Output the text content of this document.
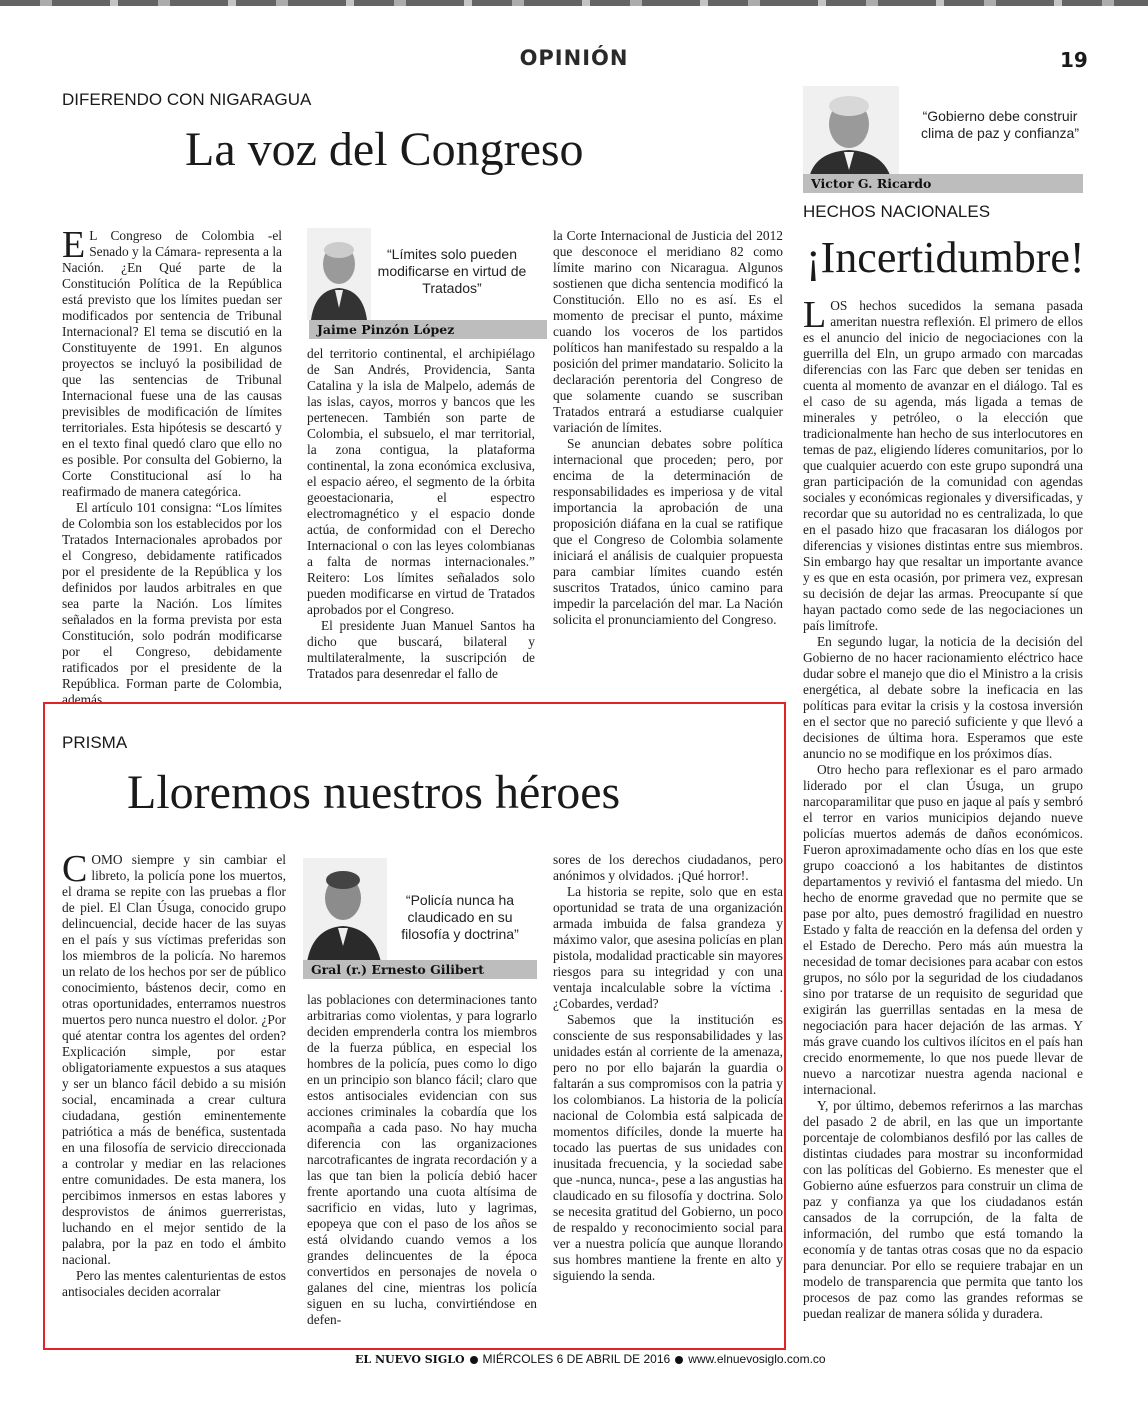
OPINIÓN	19
DIFERENDO CON NIGARAGUA
La voz del Congreso

E L Congreso de Colombia -el Senado y la Cámara- representa a la Nación. ¿En Qué parte de la Constitución Política de la República está previsto que los límites puedan ser modificados por sentencia de Tribunal Internacional? El tema se discutió en la Constituyente de 1991. En algunos proyectos se incluyó la posibilidad de que las sentencias de Tribunal Internacional fuese una de las causas previsibles de modificación de límites territoriales. Esta hipótesis se descartó y en el texto final quedó claro que ello no es posible. Por consulta del Gobierno, la Corte Constitucional así lo ha reafirmado de manera categórica.

El artículo 101 consigna: “Los límites de Colombia son los establecidos por los Tratados Internacionales aprobados por el Congreso, debidamente ratificados por el presidente de la República y los definidos por laudos arbitrales en que sea parte la Nación. Los límites señalados en la forma prevista por esta Constitución, solo podrán modificarse por el Congreso, debidamente ratificados por el presidente de la República. Forman parte de Colombia, además

“Límites solo pueden modificarse en virtud de Tratados”
Jaime Pinzón López

del territorio continental, el archipiélago de San Andrés, Providencia, Santa Catalina y la isla de Malpelo, además de las islas, cayos, morros y bancos que les pertenecen. También son parte de Colombia, el subsuelo, el mar territorial, la zona contigua, la plataforma continental, la zona económica exclusiva, el espacio aéreo, el segmento de la órbita geoestacionaria, el espectro electromagnético y el espacio donde actúa, de conformidad con el Derecho Internacional o con las leyes colombianas a falta de normas internacionales.” Reitero: Los límites señalados solo pueden modificarse en virtud de Tratados aprobados por el Congreso.

El presidente Juan Manuel Santos ha dicho que buscará, bilateral y multilateralmente, la suscripción de Tratados para desenredar el fallo de

la Corte Internacional de Justicia del 2012 que desconoce el meridiano 82 como límite marino con Nicaragua. Algunos sostienen que dicha sentencia modificó la Constitución. Ello no es así. Es el momento de precisar el punto, máxime cuando los voceros de los partidos políticos han manifestado su respaldo a la posición del primer mandatario. Solicito la declaración perentoria del Congreso de que solamente cuando se suscriban Tratados entrará a estudiarse cualquier variación de límites.

Se anuncian debates sobre política internacional que proceden; pero, por encima de la determinación de responsabilidades es imperiosa y de vital importancia la aprobación de una proposición diáfana en la cual se ratifique que el Congreso de Colombia solamente iniciará el análisis de cualquier propuesta para cambiar límites cuando estén suscritos Tratados, único camino para impedir la parcelación del mar. La Nación solicita el pronunciamiento del Congreso.

“Gobierno debe construir clima de paz y confianza”
Victor G. Ricardo
HECHOS NACIONALES
¡Incertidumbre!

LOS hechos sucedidos la semana pasada ameritan nuestra reflexión. El primero de ellos es el anuncio del inicio de negociaciones con la guerrilla del Eln, un grupo armado con marcadas diferencias con las Farc que deben ser tenidas en cuenta al momento de avanzar en el diálogo. Tal es el caso de su agenda, más ligada a temas de minerales y petróleo, o la elección que tradicionalmente han hecho de sus interlocutores en temas de paz, eligiendo líderes comunitarios, por lo que cualquier acuerdo con este grupo supondrá una gran participación de la comunidad con agendas sociales y económicas regionales y diversificadas, y recordar que su autoridad no es centralizada, lo que en el pasado hizo que fracasaran los diálogos por diferencias y visiones distintas entre sus miembros. Sin embargo hay que resaltar un importante avance y es que en esta ocasión, por primera vez, expresan su decisión de dejar las armas. Preocupante sí que hayan pactado como sede de las negociaciones un país limítrofe.

En segundo lugar, la noticia de la decisión del Gobierno de no hacer racionamiento eléctrico hace dudar sobre el manejo que dio el Ministro a la crisis energética, al debate sobre la ineficacia en las políticas para evitar la crisis y la costosa inversión en el sector que no pareció suficiente y que llevó a decisiones de última hora. Esperamos que este anuncio no se modifique en los próximos días.

Otro hecho para reflexionar es el paro armado liderado por el clan Úsuga, un grupo narcoparamilitar que puso en jaque al país y sembró el terror en varios municipios dejando nueve policías muertos además de daños económicos. Fueron aproximadamente ocho días en los que este grupo coaccionó a los habitantes de distintos departamentos y revivió el fantasma del miedo. Un hecho de enorme gravedad que no permite que se pase por alto, pues demostró fragilidad en nuestro Estado y falta de reacción en la defensa del orden y el Estado de Derecho. Pero más aún muestra la necesidad de tomar decisiones para acabar con estos grupos, no sólo por la seguridad de los ciudadanos sino por tratarse de un requisito de seguridad que exigirán las guerrillas sentadas en la mesa de negociación para hacer dejación de las armas. Y más grave cuando los cultivos ilícitos en el país han crecido enormemente, lo que nos puede llevar de nuevo a narcotizar nuestra agenda nacional e internacional.

Y, por último, debemos referirnos a las marchas del pasado 2 de abril, en las que un importante porcentaje de colombianos desfiló por las calles de distintas ciudades para mostrar su inconformidad con las políticas del Gobierno. Es menester que el Gobierno aúne esfuerzos para construir un clima de paz y confianza ya que los ciudadanos están cansados de la corrupción, de la falta de información, del rumbo que está tomando la economía y de tantas otras cosas que no da espacio para denunciar. Por ello se requiere trabajar en un modelo de transparencia que permita que tanto los procesos de paz como las grandes reformas se puedan realizar de manera sólida y duradera.

PRISMA
Lloremos nuestros héroes

COMO siempre y sin cambiar el libreto, la policía pone los muertos, el drama se repite con las pruebas a flor de piel. El Clan Úsuga, conocido grupo delincuencial, decide hacer de las suyas en el país y sus víctimas preferidas son los miembros de la policía. No haremos un relato de los hechos por ser de público conocimiento, bástenos decir, como en otras oportunidades, enterramos nuestros muertos pero nunca nuestro el dolor. ¿Por qué atentar contra los agentes del orden? Explicación simple, por estar obligatoriamente expuestos a sus ataques y ser un blanco fácil debido a su misión social, encaminada a crear cultura ciudadana, gestión eminentemente patriótica a más de benéfica, sustentada en una filosofía de servicio direccionada a controlar y mediar en las relaciones entre comunidades. De esta manera, los percibimos inmersos en estas labores y desprovistos de ánimos guerreristas, luchando en el mejor sentido de la palabra, por la paz en todo el ámbito nacional.

Pero las mentes calenturientas de estos antisociales deciden acorralar

“Policía nunca ha claudicado en su filosofía y doctrina”
Gral (r.) Ernesto Gilibert

las poblaciones con determinaciones tanto arbitrarias como violentas, y para lograrlo deciden emprenderla contra los miembros de la fuerza pública, en especial los hombres de la policía, pues como lo digo en un principio son blanco fácil; claro que estos antisociales evidencian con sus acciones criminales la cobardía que los acompaña a cada paso. No hay mucha diferencia con las organizaciones narcotraficantes de ingrata recordación y a las que tan bien la policía debió hacer frente aportando una cuota altísima de sacrificio en vidas, luto y lagrimas, epopeya que con el paso de los años se está olvidando cuando vemos a los grandes delincuentes de la época convertidos en personajes de novela o galanes del cine, mientras los policía siguen en su lucha, convirtiéndose en defen-

sores de los derechos ciudadanos, pero anónimos y olvidados. ¡Qué horror!.

La historia se repite, solo que en esta oportunidad se trata de una organización armada imbuida de falsa grandeza y máximo valor, que asesina policías en plan pistola, modalidad practicable sin mayores riesgos para su integridad y con una ventaja incalculable sobre la víctima .¿Cobardes, verdad?

Sabemos que la institución es consciente de sus responsabilidades y las unidades están al corriente de la amenaza, pero no por ello bajarán la guardia o faltarán a sus compromisos con la patria y los colombianos. La historia de la policía nacional de Colombia está salpicada de momentos difíciles, donde la muerte ha tocado las puertas de sus unidades con inusitada frecuencia, y la sociedad sabe que -nunca, nunca-, pese a las angustias ha claudicado en su filosofía y doctrina. Solo se necesita gratitud del Gobierno, un poco de respaldo y reconocimiento social para ver a nuestra policía que aunque llorando sus hombres mantiene la frente en alto y siguiendo la senda.

EL NUEVO SIGLO MIÉRCOLES 6 DE ABRIL DE 2016 www.elnuevosiglo.com.co
